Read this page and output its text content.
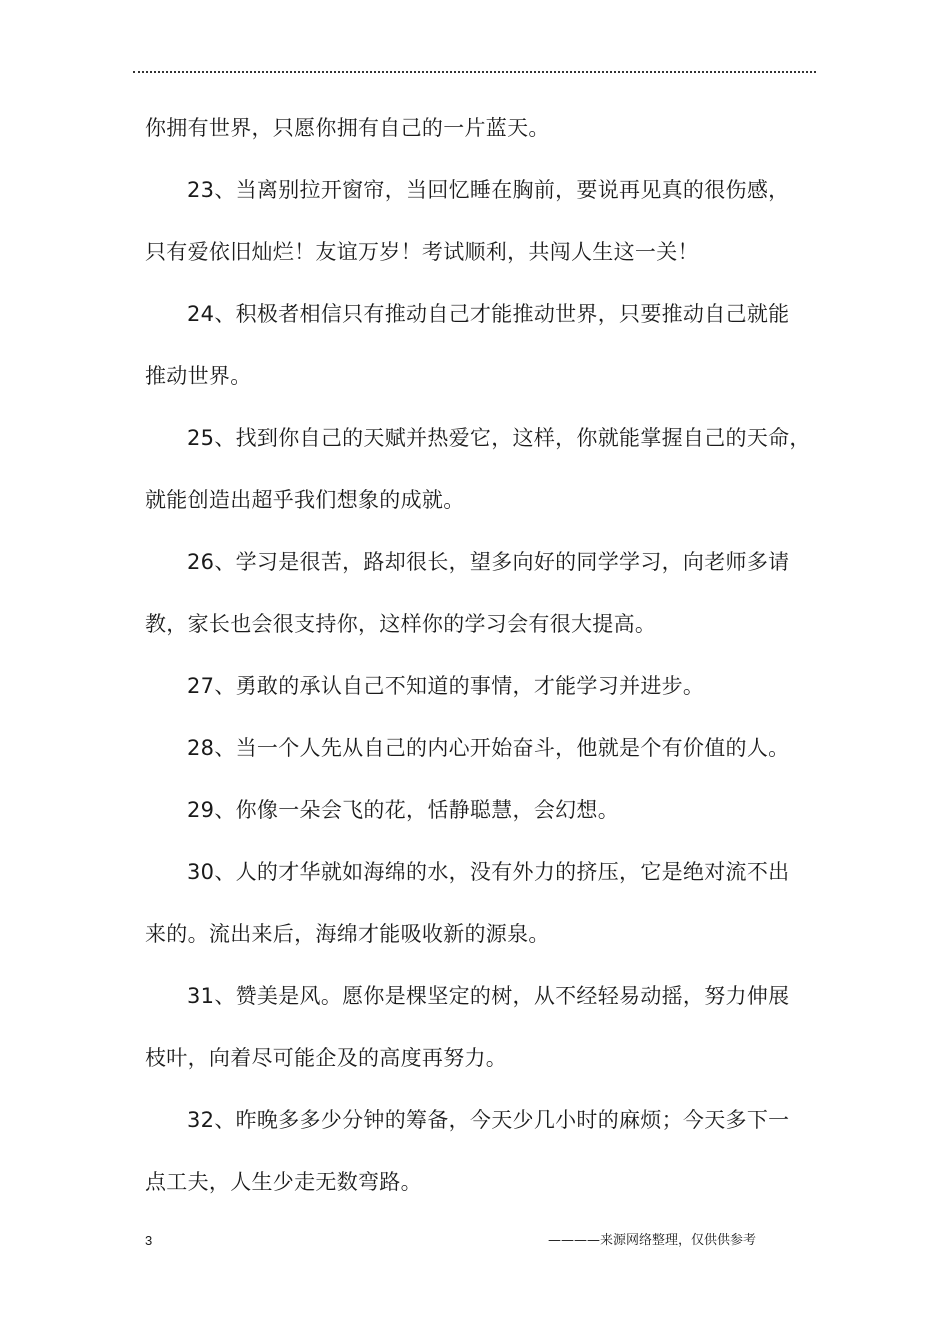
你拥有世界，只愿你拥有自己的一片蓝天。
23、当离别拉开窗帘，当回忆睡在胸前，要说再见真的很伤感，
只有爱依旧灿烂！友谊万岁！考试顺利，共闯人生这一关！
24、积极者相信只有推动自己才能推动世界，只要推动自己就能
推动世界。
25、找到你自己的天赋并热爱它，这样，你就能掌握自己的天命，
就能创造出超乎我们想象的成就。
26、学习是很苦，路却很长，望多向好的同学学习，向老师多请
教，家长也会很支持你，这样你的学习会有很大提高。
27、勇敢的承认自己不知道的事情，才能学习并进步。
28、当一个人先从自己的内心开始奋斗，他就是个有价值的人。
29、你像一朵会飞的花，恬静聪慧，会幻想。
30、人的才华就如海绵的水，没有外力的挤压，它是绝对流不出
来的。流出来后，海绵才能吸收新的源泉。
31、赞美是风。愿你是棵坚定的树，从不经轻易动摇，努力伸展
枝叶，向着尽可能企及的高度再努力。
32、昨晚多多少分钟的筹备，今天少几小时的麻烦；今天多下一
点工夫，人生少走无数弯路。
3	————来源网络整理，仅供供参考
